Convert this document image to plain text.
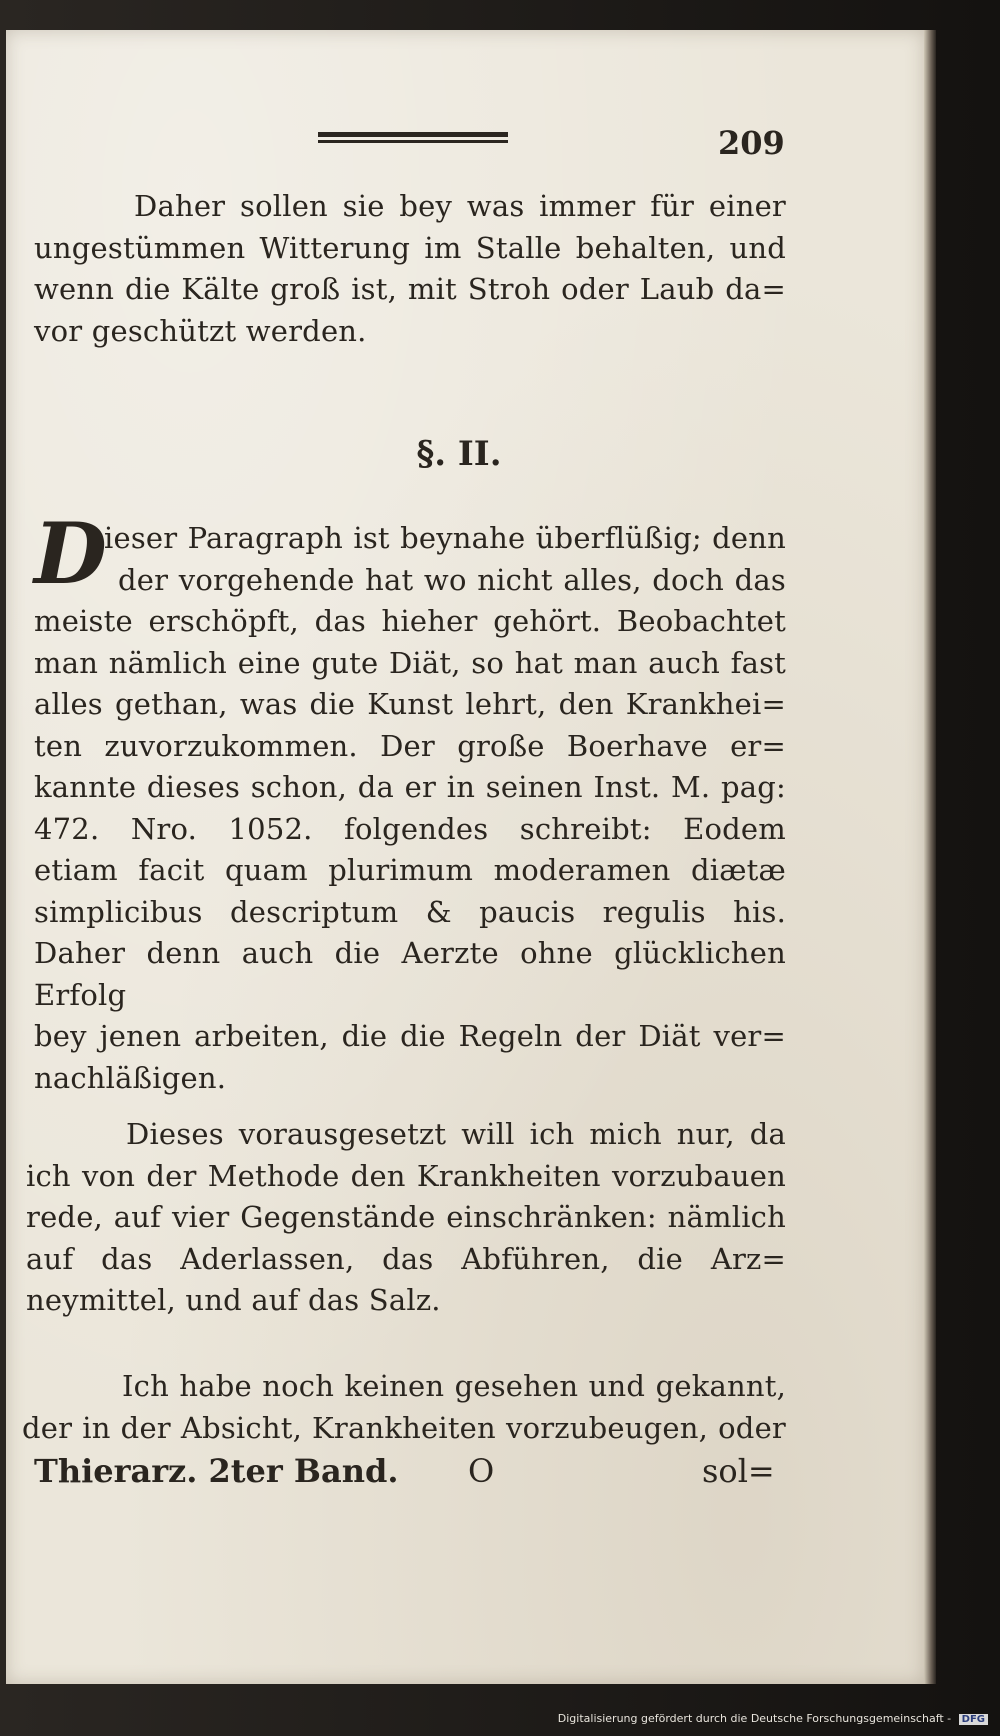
209
Daher sollen sie bey was immer für einer
ungestümmen Witterung im Stalle behalten, und
wenn die Kälte groß ist, mit Stroh oder Laub da=
vor geschützt werden.
§. II.
D
ieser Paragraph ist beynahe überflüßig; denn
der vorgehende hat wo nicht alles, doch das
meiste erschöpft, das hieher gehört. Beobachtet
man nämlich eine gute Diät, so hat man auch fast
alles gethan, was die Kunst lehrt, den Krankhei=
ten zuvorzukommen. Der große Boerhave er=
kannte dieses schon, da er in seinen Inst. M. pag:
472. Nro. 1052. folgendes schreibt: Eodem
etiam facit quam plurimum moderamen diætæ
simplicibus descriptum & paucis regulis his.
Daher denn auch die Aerzte ohne glücklichen Erfolg
bey jenen arbeiten, die die Regeln der Diät ver=
nachläßigen.
Dieses vorausgesetzt will ich mich nur, da
ich von der Methode den Krankheiten vorzubauen
rede, auf vier Gegenstände einschränken: nämlich
auf das Aderlassen, das Abführen, die Arz=
neymittel, und auf das Salz.
Ich habe noch keinen gesehen und gekannt,
der in der Absicht, Krankheiten vorzubeugen, oder
Thierarz. 2ter Band. O	sol=
Digitalisierung gefördert durch die Deutsche Forschungsgemeinschaft - DFG
